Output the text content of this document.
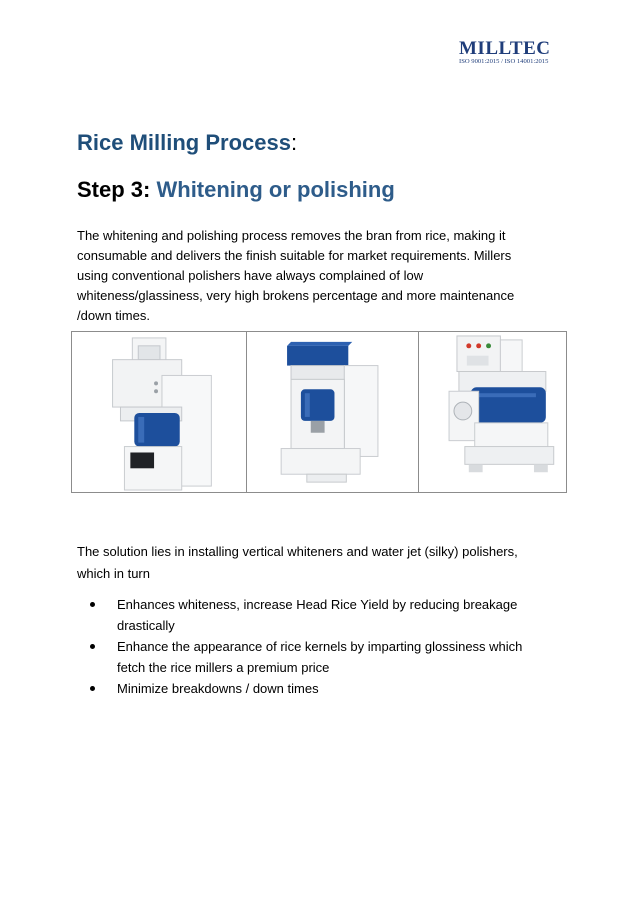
MILLTEC
ISO 9001:2015 / ISO 14001:2015
Rice Milling Process:
Step 3: Whitening or polishing
The whitening and polishing process removes the bran from rice, making it
consumable and delivers the finish suitable for market requirements. Millers
using conventional polishers have always complained of low
whiteness/glassiness, very high brokens percentage and more maintenance
/down times.
The solution lies in installing vertical whiteners and water jet (silky) polishers,
which in turn
Enhances whiteness, increase Head Rice Yield by reducing breakage
drastically
Enhance the appearance of rice kernels by imparting glossiness which
fetch the rice millers a premium price
Minimize breakdowns / down times
